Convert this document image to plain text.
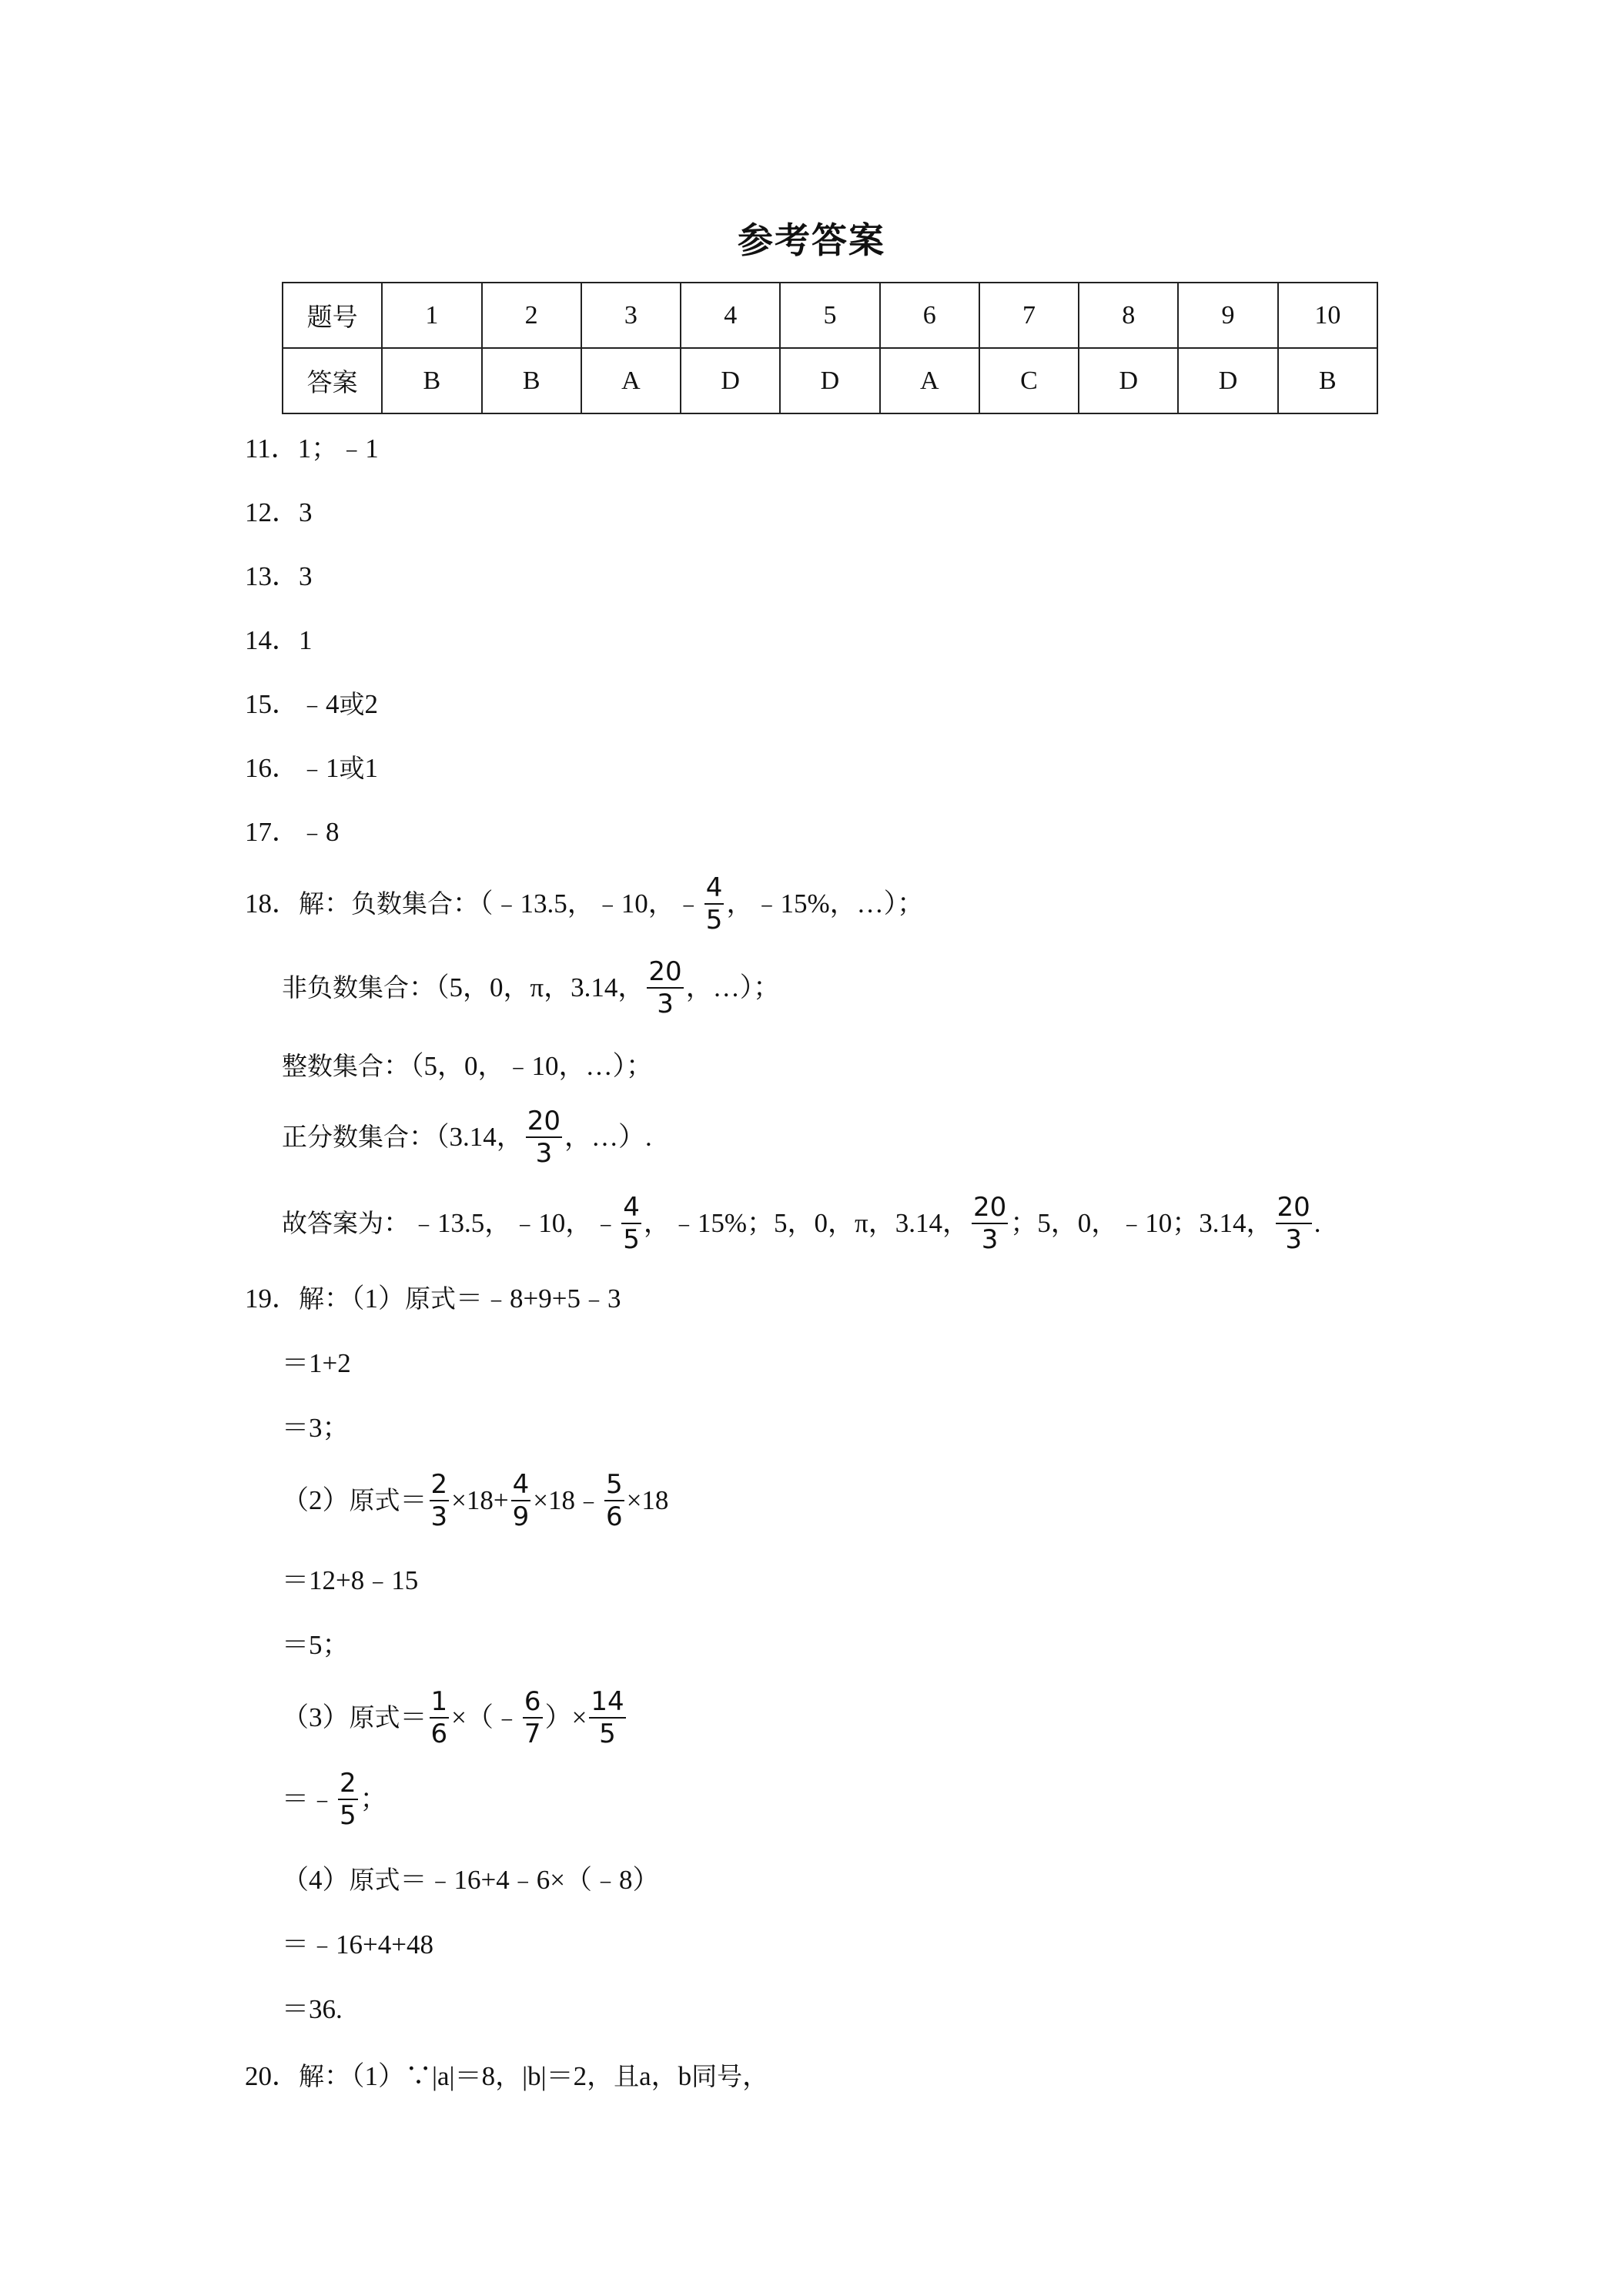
参考答案
题号	1	2	3	4	5	6	7	8	9	10
答案	B	B	A	D	D	A	C	D	D	B
11．1；﹣1
12．3
13．3
14．1
15．﹣4 或 2
16．﹣1 或 1
17．﹣8
18． 解 ： 负数集合 ：（﹣13.5，﹣10，﹣ $\frac{4}{5}$ ，﹣15%，…）；
非负数集合 ：（5，0，π，3.14， $\frac{20}{3}$ ，…）；
整数集合 ：（5，0，﹣10，…）；
正分数集合 ：（3.14， $\frac{20}{3}$ ，…）.
故答案为 ：﹣13.5，﹣10，﹣ $\frac{4}{5}$ ，﹣15%；5，0，π，3.14， $\frac{20}{3}$ ；5，0，﹣10；3.14， $\frac{20}{3}$ .
19． 解 ：（1） 原式 ＝﹣8+9+5﹣3
＝1+2
＝3；
（2） 原式 ＝ $\frac{2}{3} \times 18+ \frac{4}{9}$ ×18﹣ $\frac{5}{6} \times 18$
＝12+8﹣15
＝5；
（3） 原式 ＝ $\frac{1}{6}$ ×（﹣ $\frac{6}{7}$ ）× $\frac{14}{5}$
＝﹣ $\frac{2}{5}$ ；
（4） 原式 ＝﹣16+4﹣6×（﹣8）
＝﹣16+4+48
＝36.
20． 解 ：（1）∵|a|＝8，|b|＝2， 且 a，b 同号 ，
